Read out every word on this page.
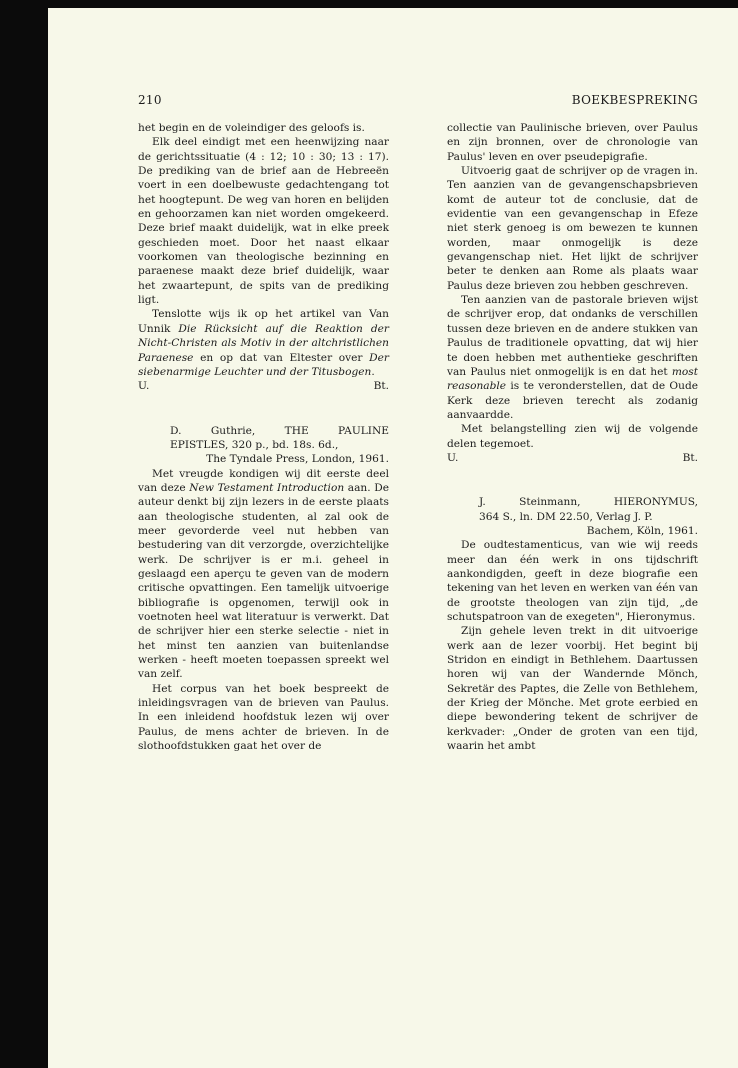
210	BOEKBESPREKING

het begin en de voleindiger des geloofs is.

Elk deel eindigt met een heenwijzing naar de gerichtssituatie (4 : 12; 10 : 30; 13 : 17). De prediking van de brief aan de Hebreeën voert in een doelbewuste gedachtengang tot het hoogtepunt. De weg van horen en belijden en gehoorzamen kan niet worden omgekeerd. Deze brief maakt duidelijk, wat in elke preek geschieden moet. Door het naast elkaar voorkomen van theologische bezinning en paraenese maakt deze brief duidelijk, waar het zwaartepunt, de spits van de prediking ligt.

Tenslotte wijs ik op het artikel van Van Unnik Die Rücksicht auf die Reaktion der Nicht-Christen als Motiv in der altchristlichen Paraenese en op dat van Eltester over Der siebenarmige Leuchter und der Titusbogen.

U.	Bt.
D. Guthrie, THE PAULINE
EPISTLES, 320 p., bd. 18s. 6d.,
The Tyndale Press, London, 1961.

Met vreugde kondigen wij dit eerste deel van deze New Testament Introduction aan. De auteur denkt bij zijn lezers in de eerste plaats aan theologische studenten, al zal ook de meer gevorderde veel nut hebben van bestudering van dit verzorgde, overzichtelijke werk. De schrijver is er m.i. geheel in geslaagd een aperçu te geven van de modern critische opvattingen. Een tamelijk uitvoerige bibliografie is opgenomen, terwijl ook in voetnoten heel wat literatuur is verwerkt. Dat de schrijver hier een sterke selectie - niet in het minst ten aanzien van buitenlandse werken - heeft moeten toepassen spreekt wel van zelf.

Het corpus van het boek bespreekt de inleidingsvragen van de brieven van Paulus. In een inleidend hoofdstuk lezen wij over Paulus, de mens achter de brieven. In de slothoofdstukken gaat het over de

collectie van Paulinische brieven, over Paulus en zijn bronnen, over de chronologie van Paulus' leven en over pseudepigrafie.

Uitvoerig gaat de schrijver op de vragen in. Ten aanzien van de gevangenschapsbrieven komt de auteur tot de conclusie, dat de evidentie van een gevangenschap in Efeze niet sterk genoeg is om bewezen te kunnen worden, maar onmogelijk is deze gevangenschap niet. Het lijkt de schrijver beter te denken aan Rome als plaats waar Paulus deze brieven zou hebben geschreven.

Ten aanzien van de pastorale brieven wijst de schrijver erop, dat ondanks de verschillen tussen deze brieven en de andere stukken van Paulus de traditionele opvatting, dat wij hier te doen hebben met authentieke geschriften van Paulus niet onmogelijk is en dat het most reasonable is te veronderstellen, dat de Oude Kerk deze brieven terecht als zodanig aanvaardde.

Met belangstelling zien wij de volgende delen tegemoet.

U.	Bt.
J. Steinmann, HIERONYMUS,
364 S., ln. DM 22.50, Verlag J. P.
Bachem, Köln, 1961.

De oudtestamenticus, van wie wij reeds meer dan één werk in ons tijdschrift aankondigden, geeft in deze biografie een tekening van het leven en werken van één van de grootste theologen van zijn tijd, „de schutspatroon van de exegeten", Hieronymus.

Zijn gehele leven trekt in dit uitvoerige werk aan de lezer voorbij. Het begint bij Stridon en eindigt in Bethlehem. Daartussen horen wij van der Wandernde Mönch, Sekretär des Paptes, die Zelle von Bethlehem, der Krieg der Mönche. Met grote eerbied en diepe bewondering tekent de schrijver de kerkvader: „Onder de groten van een tijd, waarin het ambt
